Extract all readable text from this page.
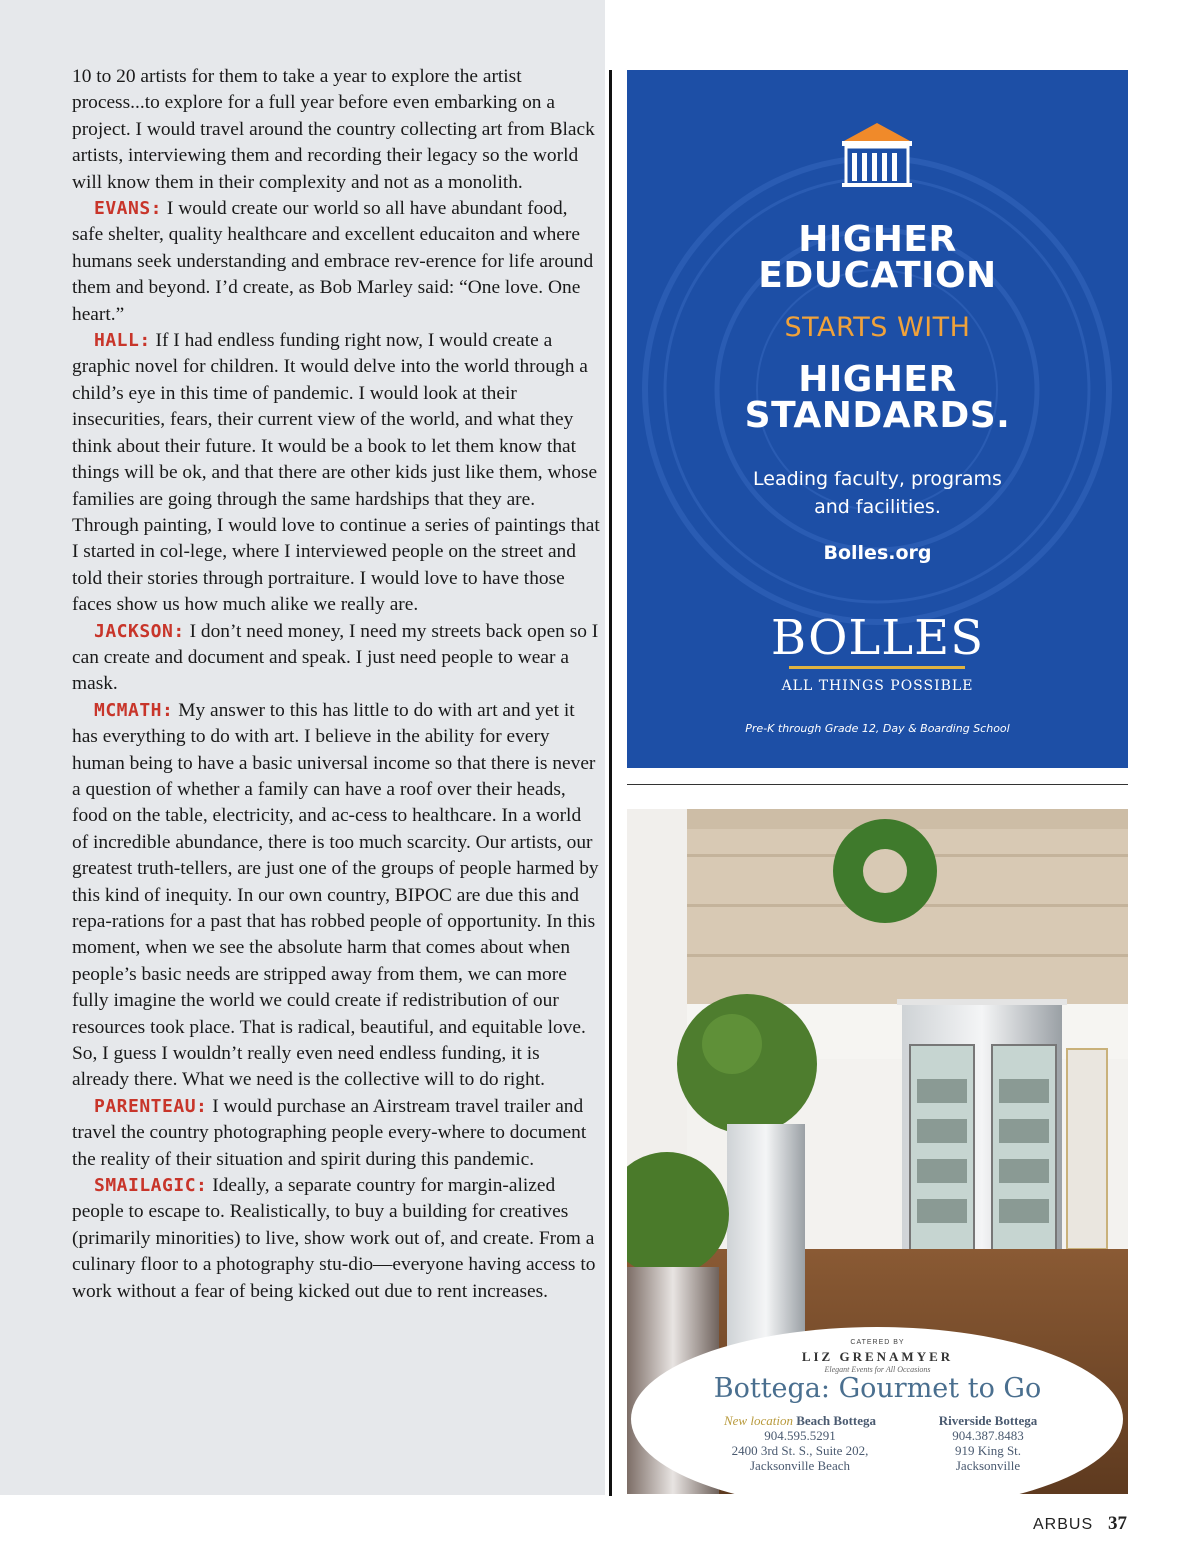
10 to 20 artists for them to take a year to explore the artist process...to explore for a full year before even embarking on a project. I would travel around the country collecting art from Black artists, interviewing them and recording their legacy so the world will know them in their complexity and not as a monolith.

EVANS: I would create our world so all have abundant food, safe shelter, quality healthcare and excellent educaiton and where humans seek understanding and embrace rev-erence for life around them and beyond. I’d create, as Bob Marley said: “One love. One heart.”

HALL: If I had endless funding right now, I would create a graphic novel for children. It would delve into the world through a child’s eye in this time of pandemic. I would look at their insecurities, fears, their current view of the world, and what they think about their future. It would be a book to let them know that things will be ok, and that there are other kids just like them, whose families are going through the same hardships that they are. Through painting, I would love to continue a series of paintings that I started in col-lege, where I interviewed people on the street and told their stories through portraiture. I would love to have those faces show us how much alike we really are.

JACKSON: I don’t need money, I need my streets back open so I can create and document and speak. I just need people to wear a mask.

MCMATH: My answer to this has little to do with art and yet it has everything to do with art. I believe in the ability for every human being to have a basic universal income so that there is never a question of whether a family can have a roof over their heads, food on the table, electricity, and ac-cess to healthcare. In a world of incredible abundance, there is too much scarcity. Our artists, our greatest truth-tellers, are just one of the groups of people harmed by this kind of inequity. In our own country, BIPOC are due this and repa-rations for a past that has robbed people of opportunity. In this moment, when we see the absolute harm that comes about when people’s basic needs are stripped away from them, we can more fully imagine the world we could create if redistribution of our resources took place. That is radical, beautiful, and equitable love. So, I guess I wouldn’t really even need endless funding, it is already there. What we need is the collective will to do right.

PARENTEAU: I would purchase an Airstream travel trailer and travel the country photographing people every-where to document the reality of their situation and spirit during this pandemic.

SMAILAGIC: Ideally, a separate country for margin-alized people to escape to. Realistically, to buy a building for creatives (primarily minorities) to live, show work out of, and create. From a culinary floor to a photography stu-dio—everyone having access to work without a fear of being kicked out due to rent increases.

HIGHER
EDUCATION
STARTS WITH
HIGHER
STANDARDS.
Leading faculty, programs
and facilities.
Bolles.org
BOLLES
ALL THINGS POSSIBLE
Pre-K through Grade 12, Day & Boarding School
CATERED BY
LIZ GRENAMYER
Elegant Events for All Occasions
Bottega: Gourmet to Go
New location Beach Bottega
904.595.5291
2400 3rd St. S., Suite 202,
Jacksonville Beach
Riverside Bottega
904.387.8483
919 King St.
Jacksonville
ARBUS 37
